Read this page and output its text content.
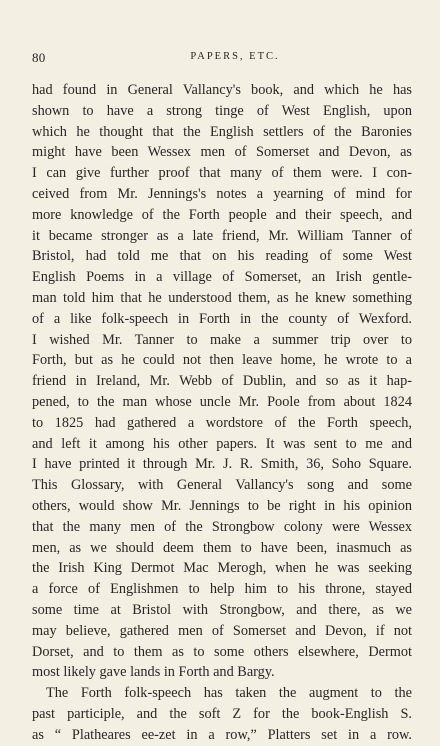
80	PAPERS, ETC.
had found in General Vallancy's book, and which he has
shown to have a strong tinge of West English, upon
which he thought that the English settlers of the Baronies
might have been Wessex men of Somerset and Devon, as
I can give further proof that many of them were. I con-
ceived from Mr. Jennings's notes a yearning of mind for
more knowledge of the Forth people and their speech, and
it became stronger as a late friend, Mr. William Tanner of
Bristol, had told me that on his reading of some West
English Poems in a village of Somerset, an Irish gentle-
man told him that he understood them, as he knew something
of a like folk-speech in Forth in the county of Wexford.
I wished Mr. Tanner to make a summer trip over to
Forth, but as he could not then leave home, he wrote to a
friend in Ireland, Mr. Webb of Dublin, and so as it hap-
pened, to the man whose uncle Mr. Poole from about 1824
to 1825 had gathered a wordstore of the Forth speech,
and left it among his other papers. It was sent to me and
I have printed it through Mr. J. R. Smith, 36, Soho Square.
This Glossary, with General Vallancy's song and some
others, would show Mr. Jennings to be right in his opinion
that the many men of the Strongbow colony were Wessex
men, as we should deem them to have been, inasmuch as
the Irish King Dermot Mac Merogh, when he was seeking
a force of Englishmen to help him to his throne, stayed
some time at Bristol with Strongbow, and there, as we
may believe, gathered men of Somerset and Devon, if not
Dorset, and to them as to some others elsewhere, Dermot
most likely gave lands in Forth and Bargy.
The Forth folk-speech has taken the augment to the
past participle, and the soft Z for the book-English S.
as “ Platheares ee-zet in a row,” Platters set in a row.
